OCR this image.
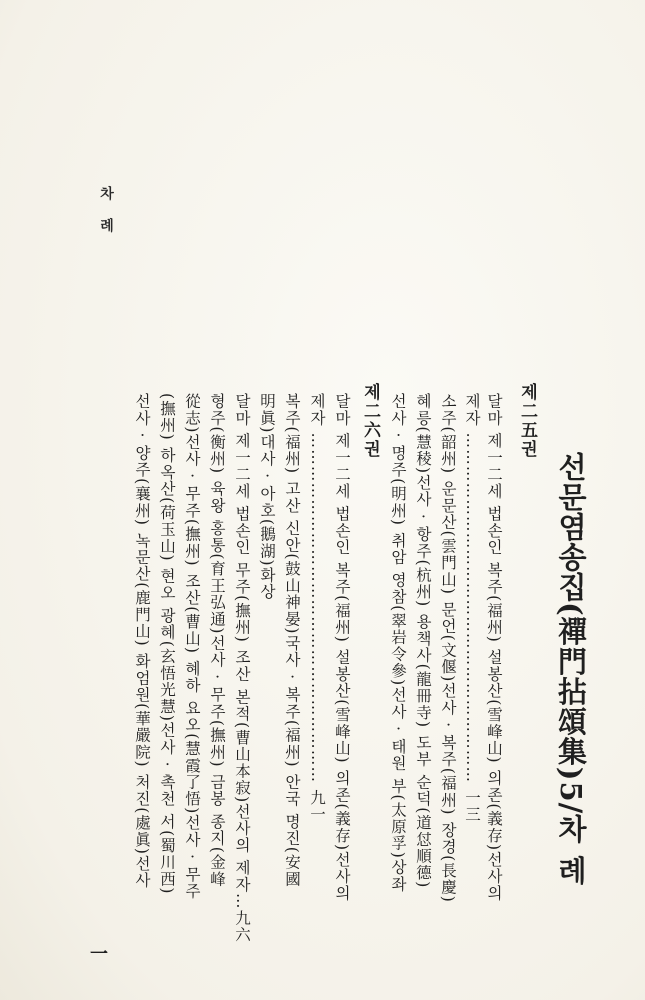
차례
선문염송집(禪門拈頌集)5/차 례
제二五권
달마 제一二세 법손인 복주(福州) 설봉산(雪峰山) 의존(義存)선사의
제자 ……………………………………………………… 一三
소주(韶州) 운문산(雲門山) 문언(文偃)선사 · 복주(福州) 장경(長慶)
혜릉(慧稜)선사 · 항주(杭州) 용책사(龍冊寺) 도부 순덕(道怤順德)
선사 · 명주(明州) 취암 영참(翠岩令參)선사 · 태원 부(太原孚)상좌
제二六권
달마 제一二세 법손인 복주(福州) 설봉산(雪峰山) 의존(義存)선사의
제자 ……………………………………………………… 九一
복주(福州) 고산 신안(鼓山神晏)국사 · 복주(福州) 안국 명진(安國
明眞)대사 · 아호(鵝湖)화상
달마 제一二세 법손인 무주(撫州) 조산 본적(曹山本寂)선사의 제자…九六
형주(衡州) 육왕 홍통(育王弘通)선사 · 무주(撫州) 금봉 종지(金峰
從志)선사 · 무주(撫州) 조산(曹山) 혜하 요오(慧霞了悟)선사 · 무주
(撫州) 하옥산(荷玉山) 현오 광혜(玄悟光慧)선사 · 촉천 서(蜀川西)
선사 · 양주(襄州) 녹문산(鹿門山) 화엄원(華嚴院) 처진(處眞)선사
一
